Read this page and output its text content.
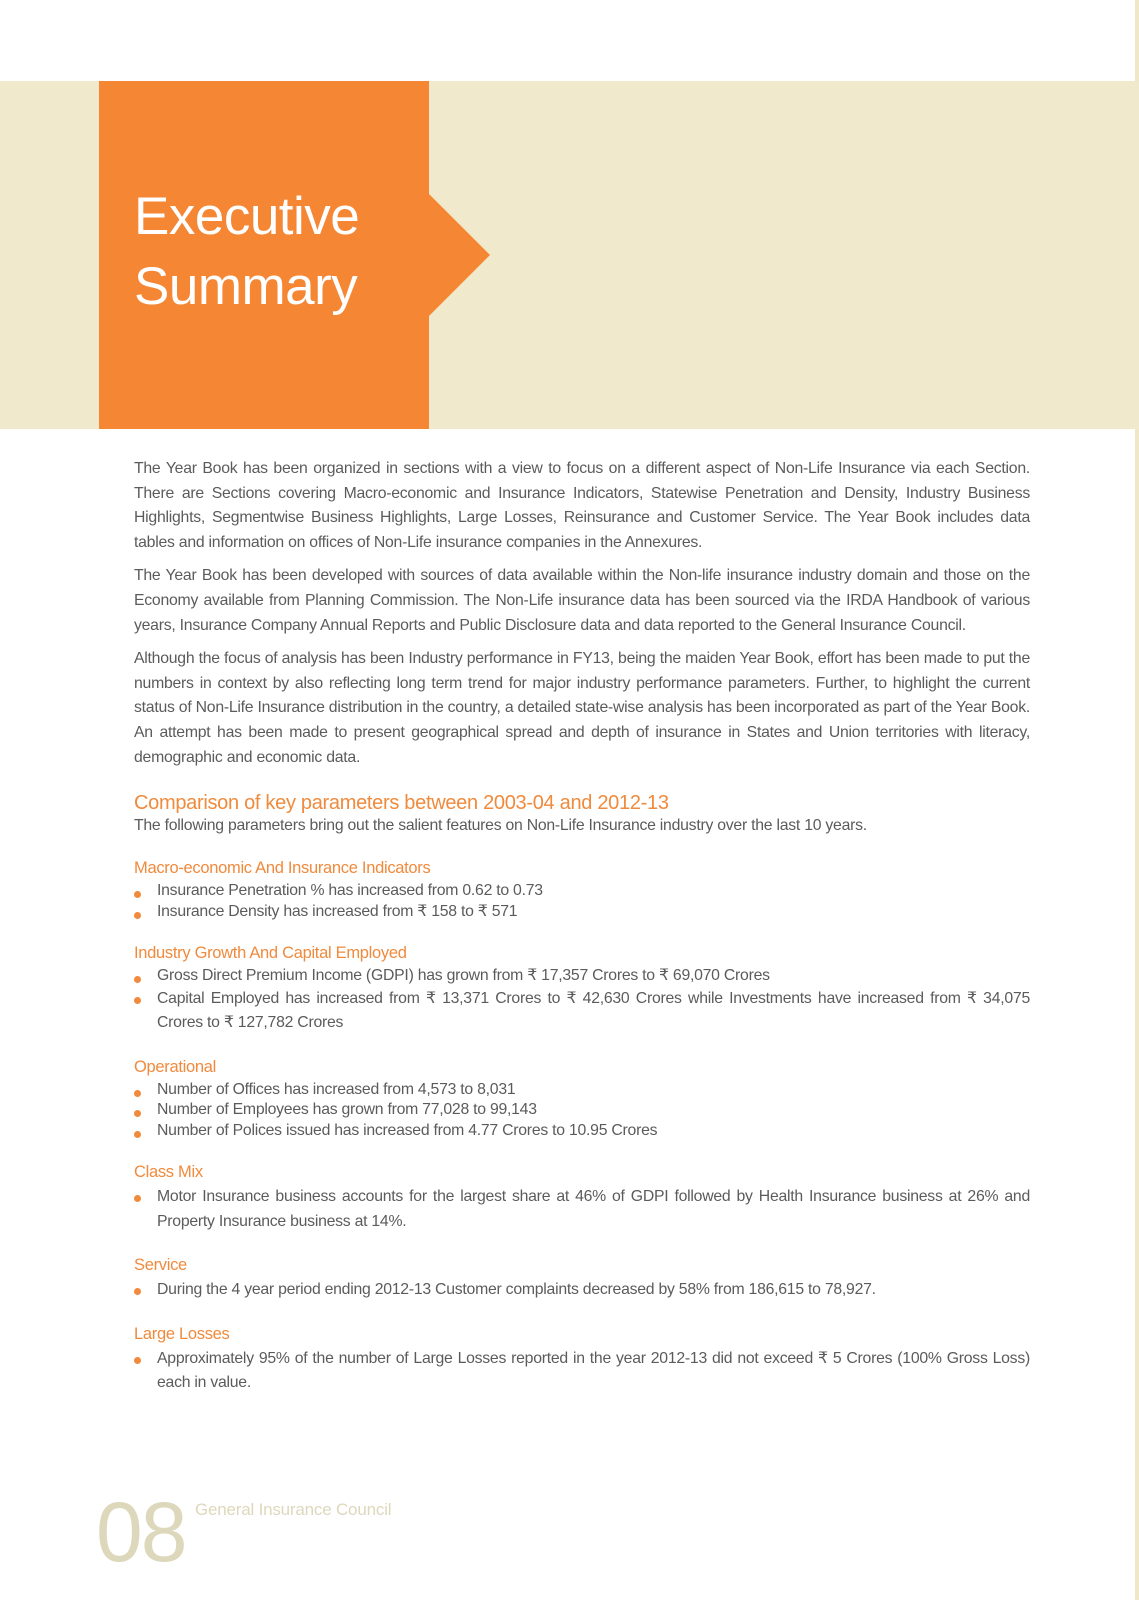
Executive
Summary

The Year Book has been organized in sections with a view to focus on a different aspect of Non-Life Insurance via each Section. There are Sections covering Macro-economic and Insurance Indicators, Statewise Penetration and Density, Industry Business Highlights, Segmentwise Business Highlights, Large Losses, Reinsurance and Customer Service. The Year Book includes data tables and information on offices of Non-Life insurance companies in the Annexures.

The Year Book has been developed with sources of data available within the Non-life insurance industry domain and those on the Economy available from Planning Commission. The Non-Life insurance data has been sourced via the IRDA Handbook of various years, Insurance Company Annual Reports and Public Disclosure data and data reported to the General Insurance Council.

Although the focus of analysis has been Industry performance in FY13, being the maiden Year Book, effort has been made to put the numbers in context by also reflecting long term trend for major industry performance parameters. Further, to highlight the current status of Non-Life Insurance distribution in the country, a detailed state-wise analysis has been incorporated as part of the Year Book. An attempt has been made to present geographical spread and depth of insurance in States and Union territories with literacy, demographic and economic data.

Comparison of key parameters between 2003-04 and 2012-13

The following parameters bring out the salient features on Non-Life Insurance industry over the last 10 years.

Macro-economic And Insurance Indicators
Insurance Penetration % has increased from 0.62 to 0.73
Insurance Density has increased from ₹ 158 to ₹ 571
Industry Growth And Capital Employed
Gross Direct Premium Income (GDPI) has grown from ₹ 17,357 Crores to ₹ 69,070 Crores
Capital Employed has increased from ₹ 13,371 Crores to ₹ 42,630 Crores while Investments have increased from ₹ 34,075 Crores to ₹ 127,782 Crores
Operational
Number of Offices has increased from 4,573 to 8,031
Number of Employees has grown from 77,028 to 99,143
Number of Polices issued has increased from 4.77 Crores to 10.95 Crores
Class Mix
Motor Insurance business accounts for the largest share at 46% of GDPI followed by Health Insurance business at 26% and Property Insurance business at 14%.
Service
During the 4 year period ending 2012-13 Customer complaints decreased by 58% from 186,615 to 78,927.
Large Losses
Approximately 95% of the number of Large Losses reported in the year 2012-13 did not exceed ₹ 5 Crores (100% Gross Loss) each in value.

08 General Insurance Council
